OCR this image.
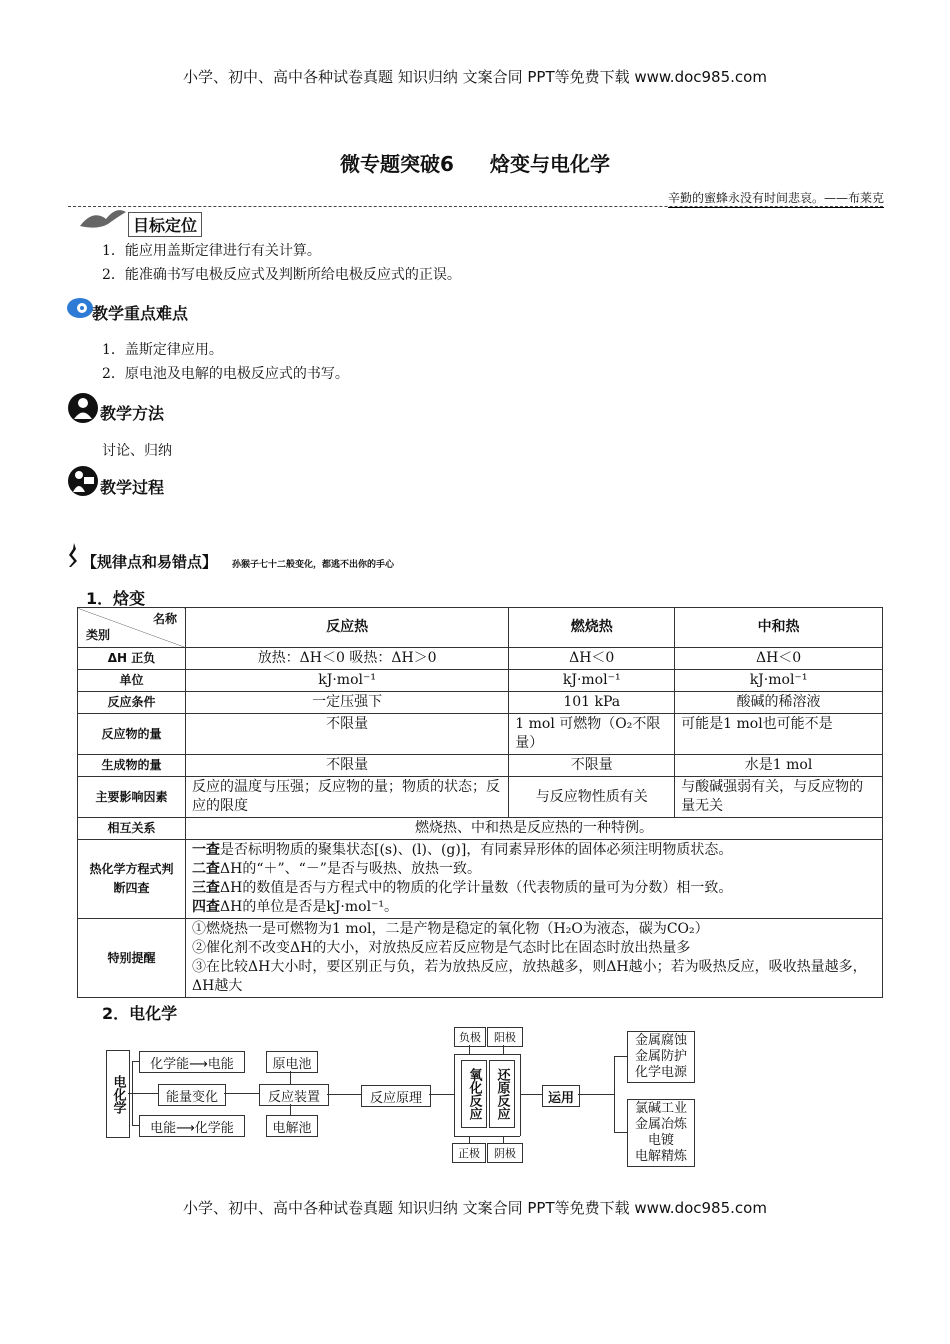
小学、初中、高中各种试卷真题 知识归纳 文案合同 PPT等免费下载 www.doc985.com
微专题突破6 焓变与电化学
辛勤的蜜蜂永没有时间悲哀。——布莱克
目标定位
1．能应用盖斯定律进行有关计算。
2．能准确书写电极反应式及判断所给电极反应式的正误。
教学重点难点
1．盖斯定律应用。
2．原电池及电解的电极反应式的书写。
教学方法
讨论、归纳
教学过程
【规律点和易错点】 孙猴子七十二般变化，都逃不出你的手心
1．焓变
名称
类别	反应热	燃烧热	中和热
ΔH 正负	放热：ΔH＜0 吸热：ΔH＞0	ΔH＜0	ΔH＜0
单位	kJ·mol⁻¹	kJ·mol⁻¹	kJ·mol⁻¹
反应条件	一定压强下	101 kPa	酸碱的稀溶液
反应物的量	不限量	1 mol 可燃物（O₂不限量）	可能是1 mol也可能不是
生成物的量	不限量	不限量	水是1 mol
主要影响因素	反应的温度与压强；反应物的量；物质的状态；反应的限度	与反应物性质有关	与酸碱强弱有关，与反应物的量无关
相互关系	燃烧热、中和热是反应热的一种特例。		
热化学方程式判断四查	一查是否标明物质的聚集状态[(s)、(l)、(g)]，有同素异形体的固体必须注明物质状态。
二查ΔH的“＋”、“－”是否与吸热、放热一致。
三查ΔH的数值是否与方程式中的物质的化学计量数（代表物质的量可为分数）相一致。
四查ΔH的单位是否是kJ·mol⁻¹。		

特别提醒	①燃烧热一是可燃物为1 mol，二是产物是稳定的氧化物（H₂O为液态，碳为CO₂）
②催化剂不改变ΔH的大小，对放热反应若反应物是气态时比在固态时放出热量多
③在比较ΔH大小时，要区别正与负，若为放热反应，放热越多，则ΔH越小；若为吸热反应，吸收热量越多，ΔH越大		
2．电化学
电化学
化学能⟶电能
电能⟶化学能
能量变化
原电池
电解池
反应装置	反应原理
负极	阳极
氧化反应	还原反应
正极	阴极
运用
金属腐蚀
金属防护
化学电源
氯碱工业
金属冶炼
电镀
电解精炼
小学、初中、高中各种试卷真题 知识归纳 文案合同 PPT等免费下载 www.doc985.com
